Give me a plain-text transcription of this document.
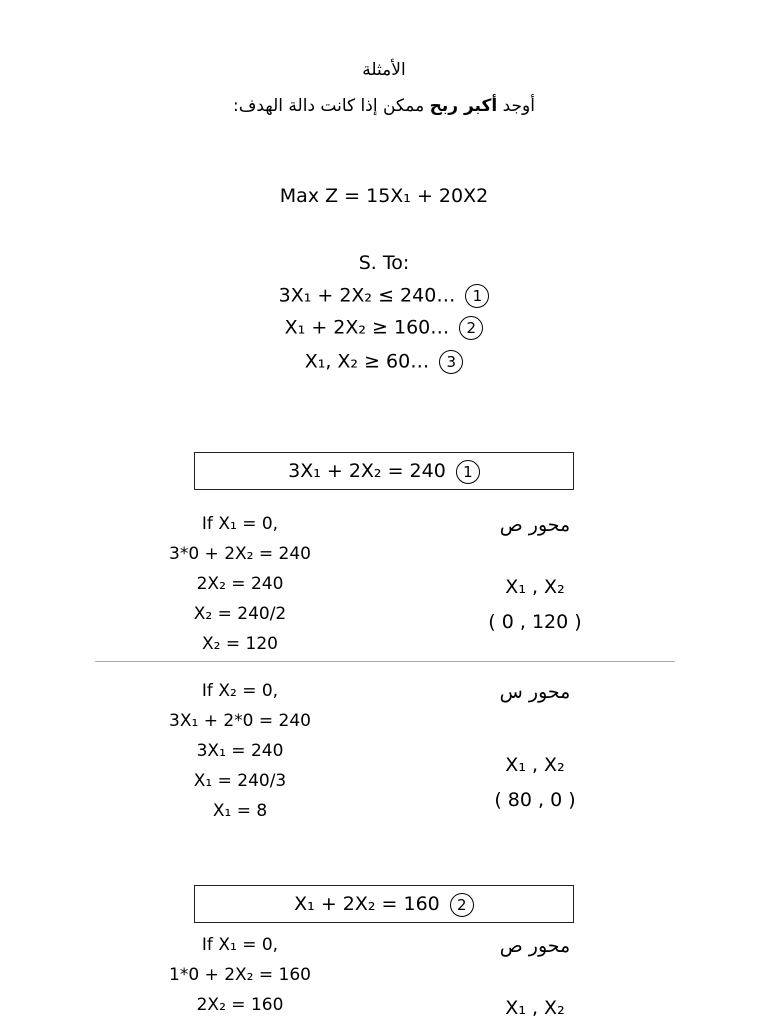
الأمثلة
أوجد أكبر ربح ممكن إذا كانت دالة الهدف:
Max Z = 15X₁ + 20X2
S. To:
3X₁ + 2X₂ ≤ 240… 1
X₁ + 2X₂ ≥ 160… 2
X₁, X₂ ≥ 60… 3
3X₁ + 2X₂ = 240 1
If X₁ = 0,
3*0 + 2X₂ = 240
2X₂ = 240
X₂ = 240/2
X₂ = 120
محور ص
X₁ , X₂
( 0 , 120 )
If X₂ = 0,
3X₁ + 2*0 = 240
3X₁ = 240
X₁ = 240/3
X₁ = 8
محور س
X₁ , X₂
( 80 , 0 )
X₁ + 2X₂ = 160 2
If X₁ = 0,
1*0 + 2X₂ = 160
2X₂ = 160
محور ص
X₁ , X₂
